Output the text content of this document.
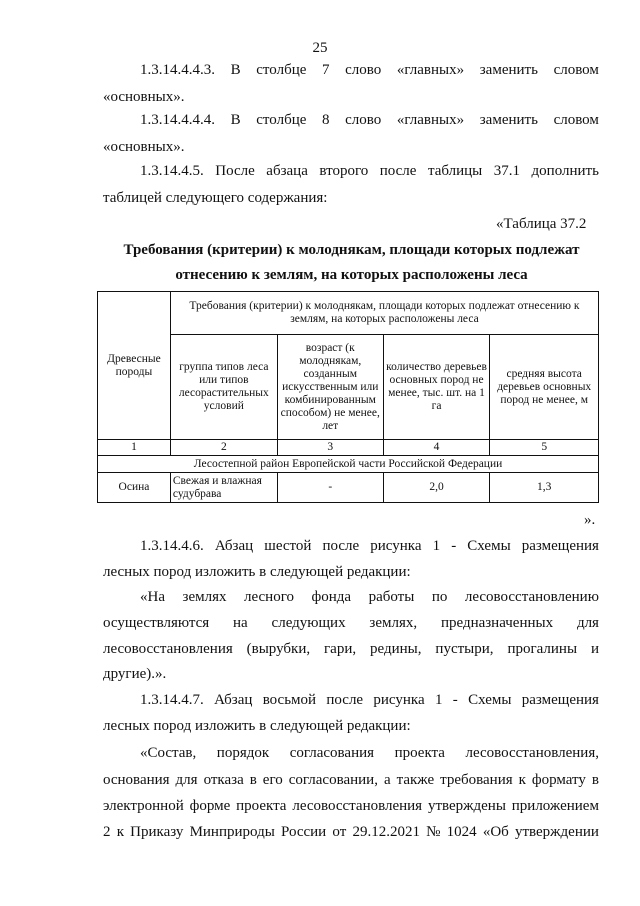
25
1.3.14.4.4.3. В столбце 7 слово «главных» заменить словом
«основных».
1.3.14.4.4.4. В столбце 8 слово «главных» заменить словом
«основных».
1.3.14.4.5. После абзаца второго после таблицы 37.1 дополнить
таблицей следующего содержания:
«Таблица 37.2
Требования (критерии) к молоднякам, площади которых подлежат
отнесению к землям, на которых расположены леса
Древесные породы	Требования (критерии) к молоднякам, площади которых подлежат отнесению к землям, на которых расположены леса			
	группа типов леса или типов лесорастительных условий	возраст (к молоднякам, созданным искусственным или комбинированным способом) не менее, лет	количество деревьев основных пород не менее, тыс. шт. на 1 га	средняя высота деревьев основных пород не менее, м
1	2	3	4	5
Лесостепной район Европейской части Российской Федерации				
Осина	Свежая и влажная судубрава	-	2,0	1,3
».
1.3.14.4.6. Абзац шестой после рисунка 1 - Схемы размещения
лесных пород изложить в следующей редакции:
«На землях лесного фонда работы по лесовосстановлению
осуществляются на следующих землях, предназначенных для
лесовосстановления (вырубки, гари, редины, пустыри, прогалины и
другие).».
1.3.14.4.7. Абзац восьмой после рисунка 1 - Схемы размещения
лесных пород изложить в следующей редакции:
«Состав, порядок согласования проекта лесовосстановления,
основания для отказа в его согласовании, а также требования к формату в
электронной форме проекта лесовосстановления утверждены приложением
2 к Приказу Минприроды России от 29.12.2021 № 1024 «Об утверждении
